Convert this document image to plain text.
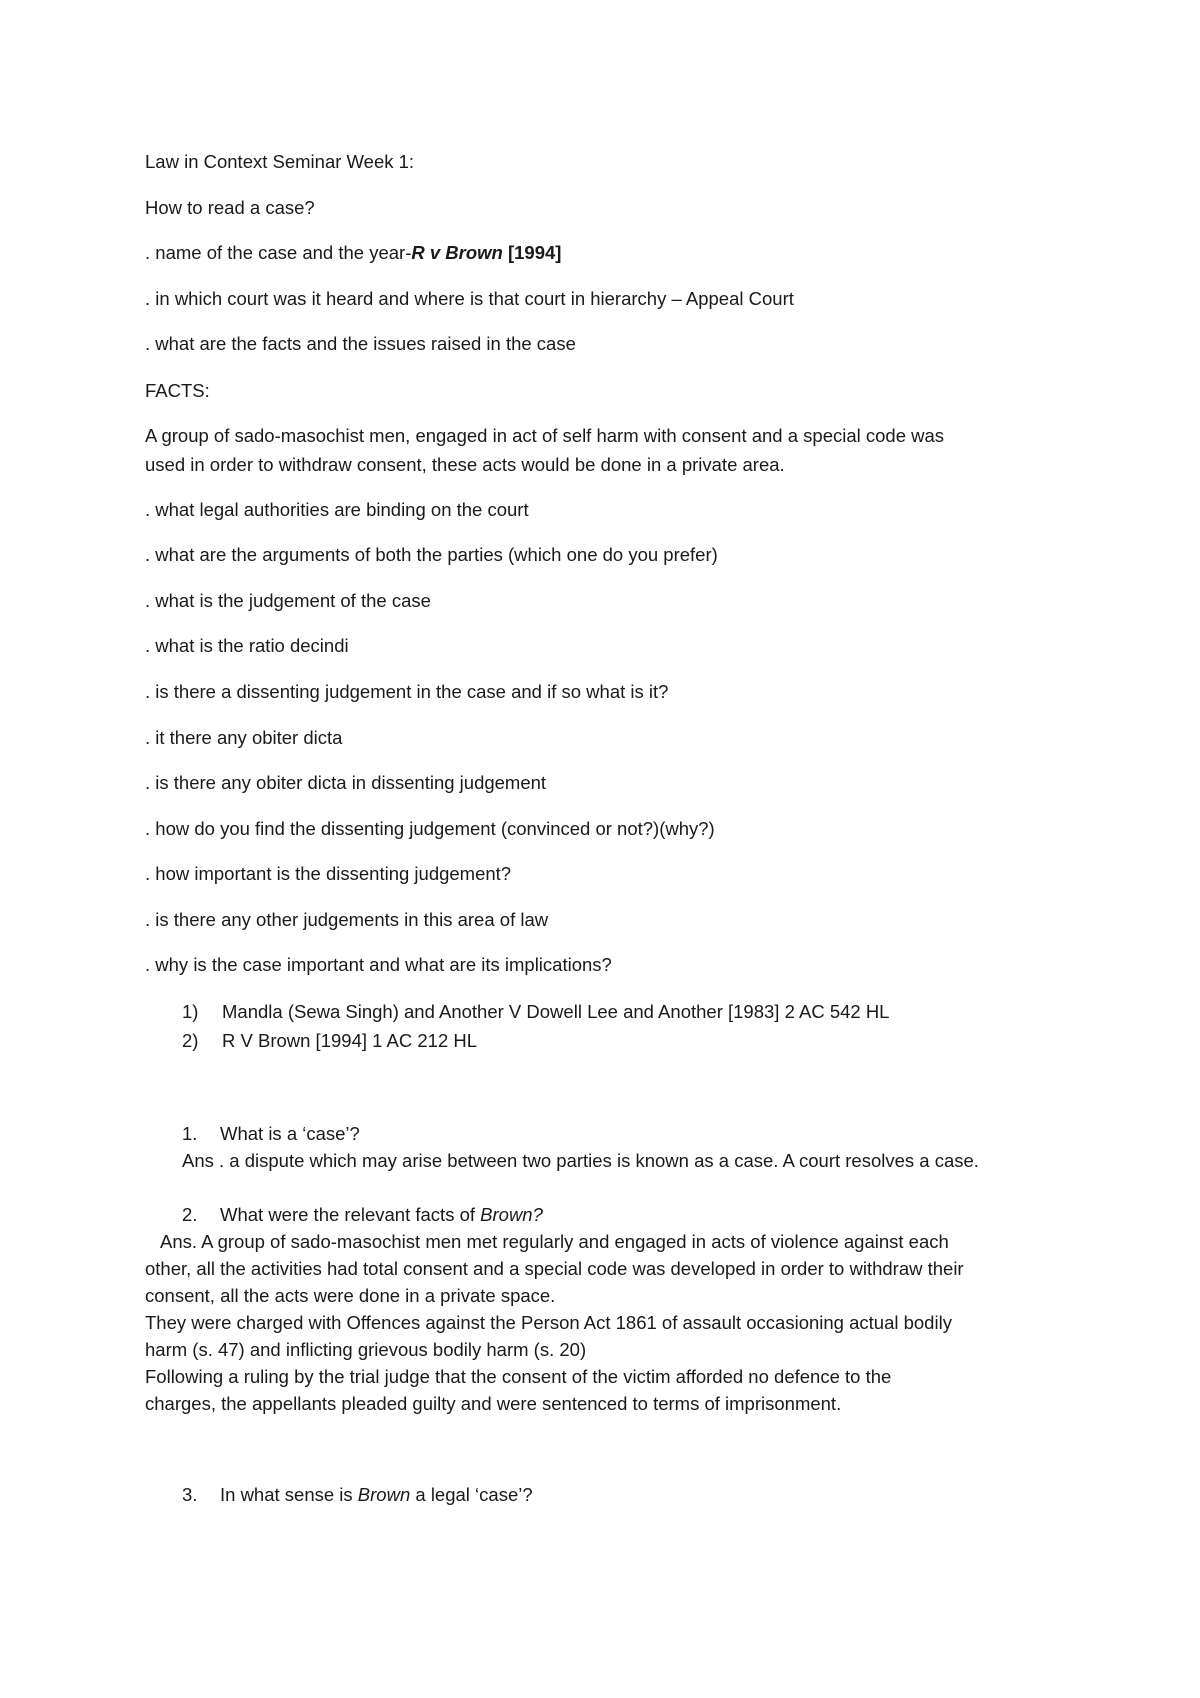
Law in Context Seminar Week 1:

How to read a case?

. name of the case and the year-R v Brown [1994]

. in which court was it heard and where is that court in hierarchy – Appeal Court

. what are the facts and the issues raised in the case

FACTS:

A group of sado-masochist men, engaged in act of self harm with consent and a special code was

used in order to withdraw consent, these acts would be done in a private area.

. what legal authorities are binding on the court

. what are the arguments of both the parties (which one do you prefer)

. what is the judgement of the case

. what is the ratio decindi

. is there a dissenting judgement in the case and if so what is it?

. it there any obiter dicta

. is there any obiter dicta in dissenting judgement

. how do you find the dissenting judgement (convinced or not?)(why?)

. how important is the dissenting judgement?

. is there any other judgements in this area of law

. why is the case important and what are its implications?

1) Mandla (Sewa Singh) and Another V Dowell Lee and Another [1983] 2 AC 542 HL

2) R V Brown [1994] 1 AC 212 HL

1. What is a ‘case’?

Ans . a dispute which may arise between two parties is known as a case. A court resolves a case.

2. What were the relevant facts of Brown?

Ans. A group of sado-masochist men met regularly and engaged in acts of violence against each

other, all the activities had total consent and a special code was developed in order to withdraw their

consent, all the acts were done in a private space.

They were charged with Offences against the Person Act 1861 of assault occasioning actual bodily

harm (s. 47) and inflicting grievous bodily harm (s. 20)

Following a ruling by the trial judge that the consent of the victim afforded no defence to the

charges, the appellants pleaded guilty and were sentenced to terms of imprisonment.

3. In what sense is Brown a legal ‘case’?
